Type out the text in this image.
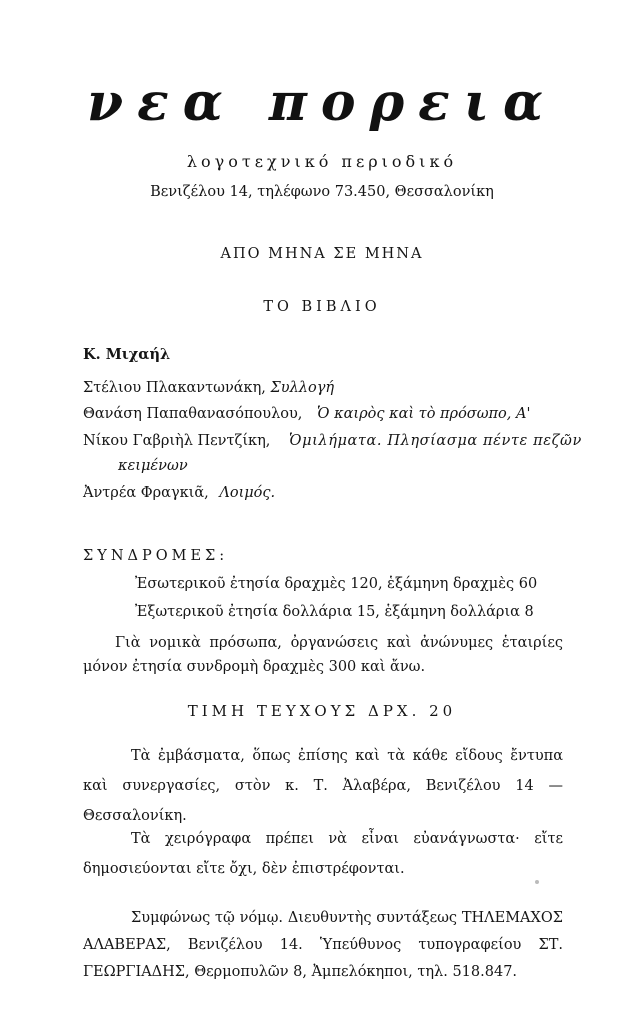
νεα πορεια
λογοτεχνικό περιοδικό
Βενιζέλου 14, τηλέφωνο 73.450, Θεσσαλονίκη
ΑΠΟ ΜΗΝΑ ΣΕ ΜΗΝΑ
ΤΟ ΒΙΒΛΙΟ
Κ. Μιχαήλ
Στέλιου Πλακαντωνάκη, Συλλογή
Θανάση Παπαθανασόπουλου, Ὁ καιρὸς καὶ τὸ πρόσωπο, Α'
Νίκου Γαβριὴλ Πεντζίκη, Ὁμιλήματα. Πλησίασμα πέντε πεζῶν
κειμένων
Ἀντρέα Φραγκιᾶ, Λοιμός.
ΣΥΝΔΡΟΜΕΣ:
Ἐσωτερικοῦ ἐτησία δραχμὲς 120, ἑξάμηνη δραχμὲς 60
Ἐξωτερικοῦ ἐτησία δολλάρια 15, ἑξάμηνη δολλάρια 8
Γιὰ νομικὰ πρόσωπα, ὀργανώσεις καὶ ἀνώνυμες ἑταιρίες μόνον ἐτησία συνδρομὴ δραχμὲς 300 καὶ ἄνω.
ΤΙΜΗ ΤΕΥΧΟΥΣ ΔΡΧ. 20
Τὰ ἐμβάσματα, ὅπως ἐπίσης καὶ τὰ κάθε εἴδους ἔντυπα καὶ συνεργασίες, στὸν κ. Τ. Ἀλαβέρα, Βενιζέλου 14 — Θεσσαλονίκη.
Τὰ χειρόγραφα πρέπει νὰ εἶναι εὐανάγνωστα· εἴτε δημοσιεύονται εἴτε ὄχι, δὲν ἐπιστρέφονται.
Συμφώνως τῷ νόμῳ. Διευθυντὴς συντάξεως ΤΗΛΕΜΑΧΟΣ ΑΛΑΒΕΡΑΣ, Βενιζέλου 14. Ὑπεύθυνος τυπογραφείου ΣΤ. ΓΕΩΡΓΙΑΔΗΣ, Θερμοπυλῶν 8, Ἀμπελόκηποι, τηλ. 518.847.
